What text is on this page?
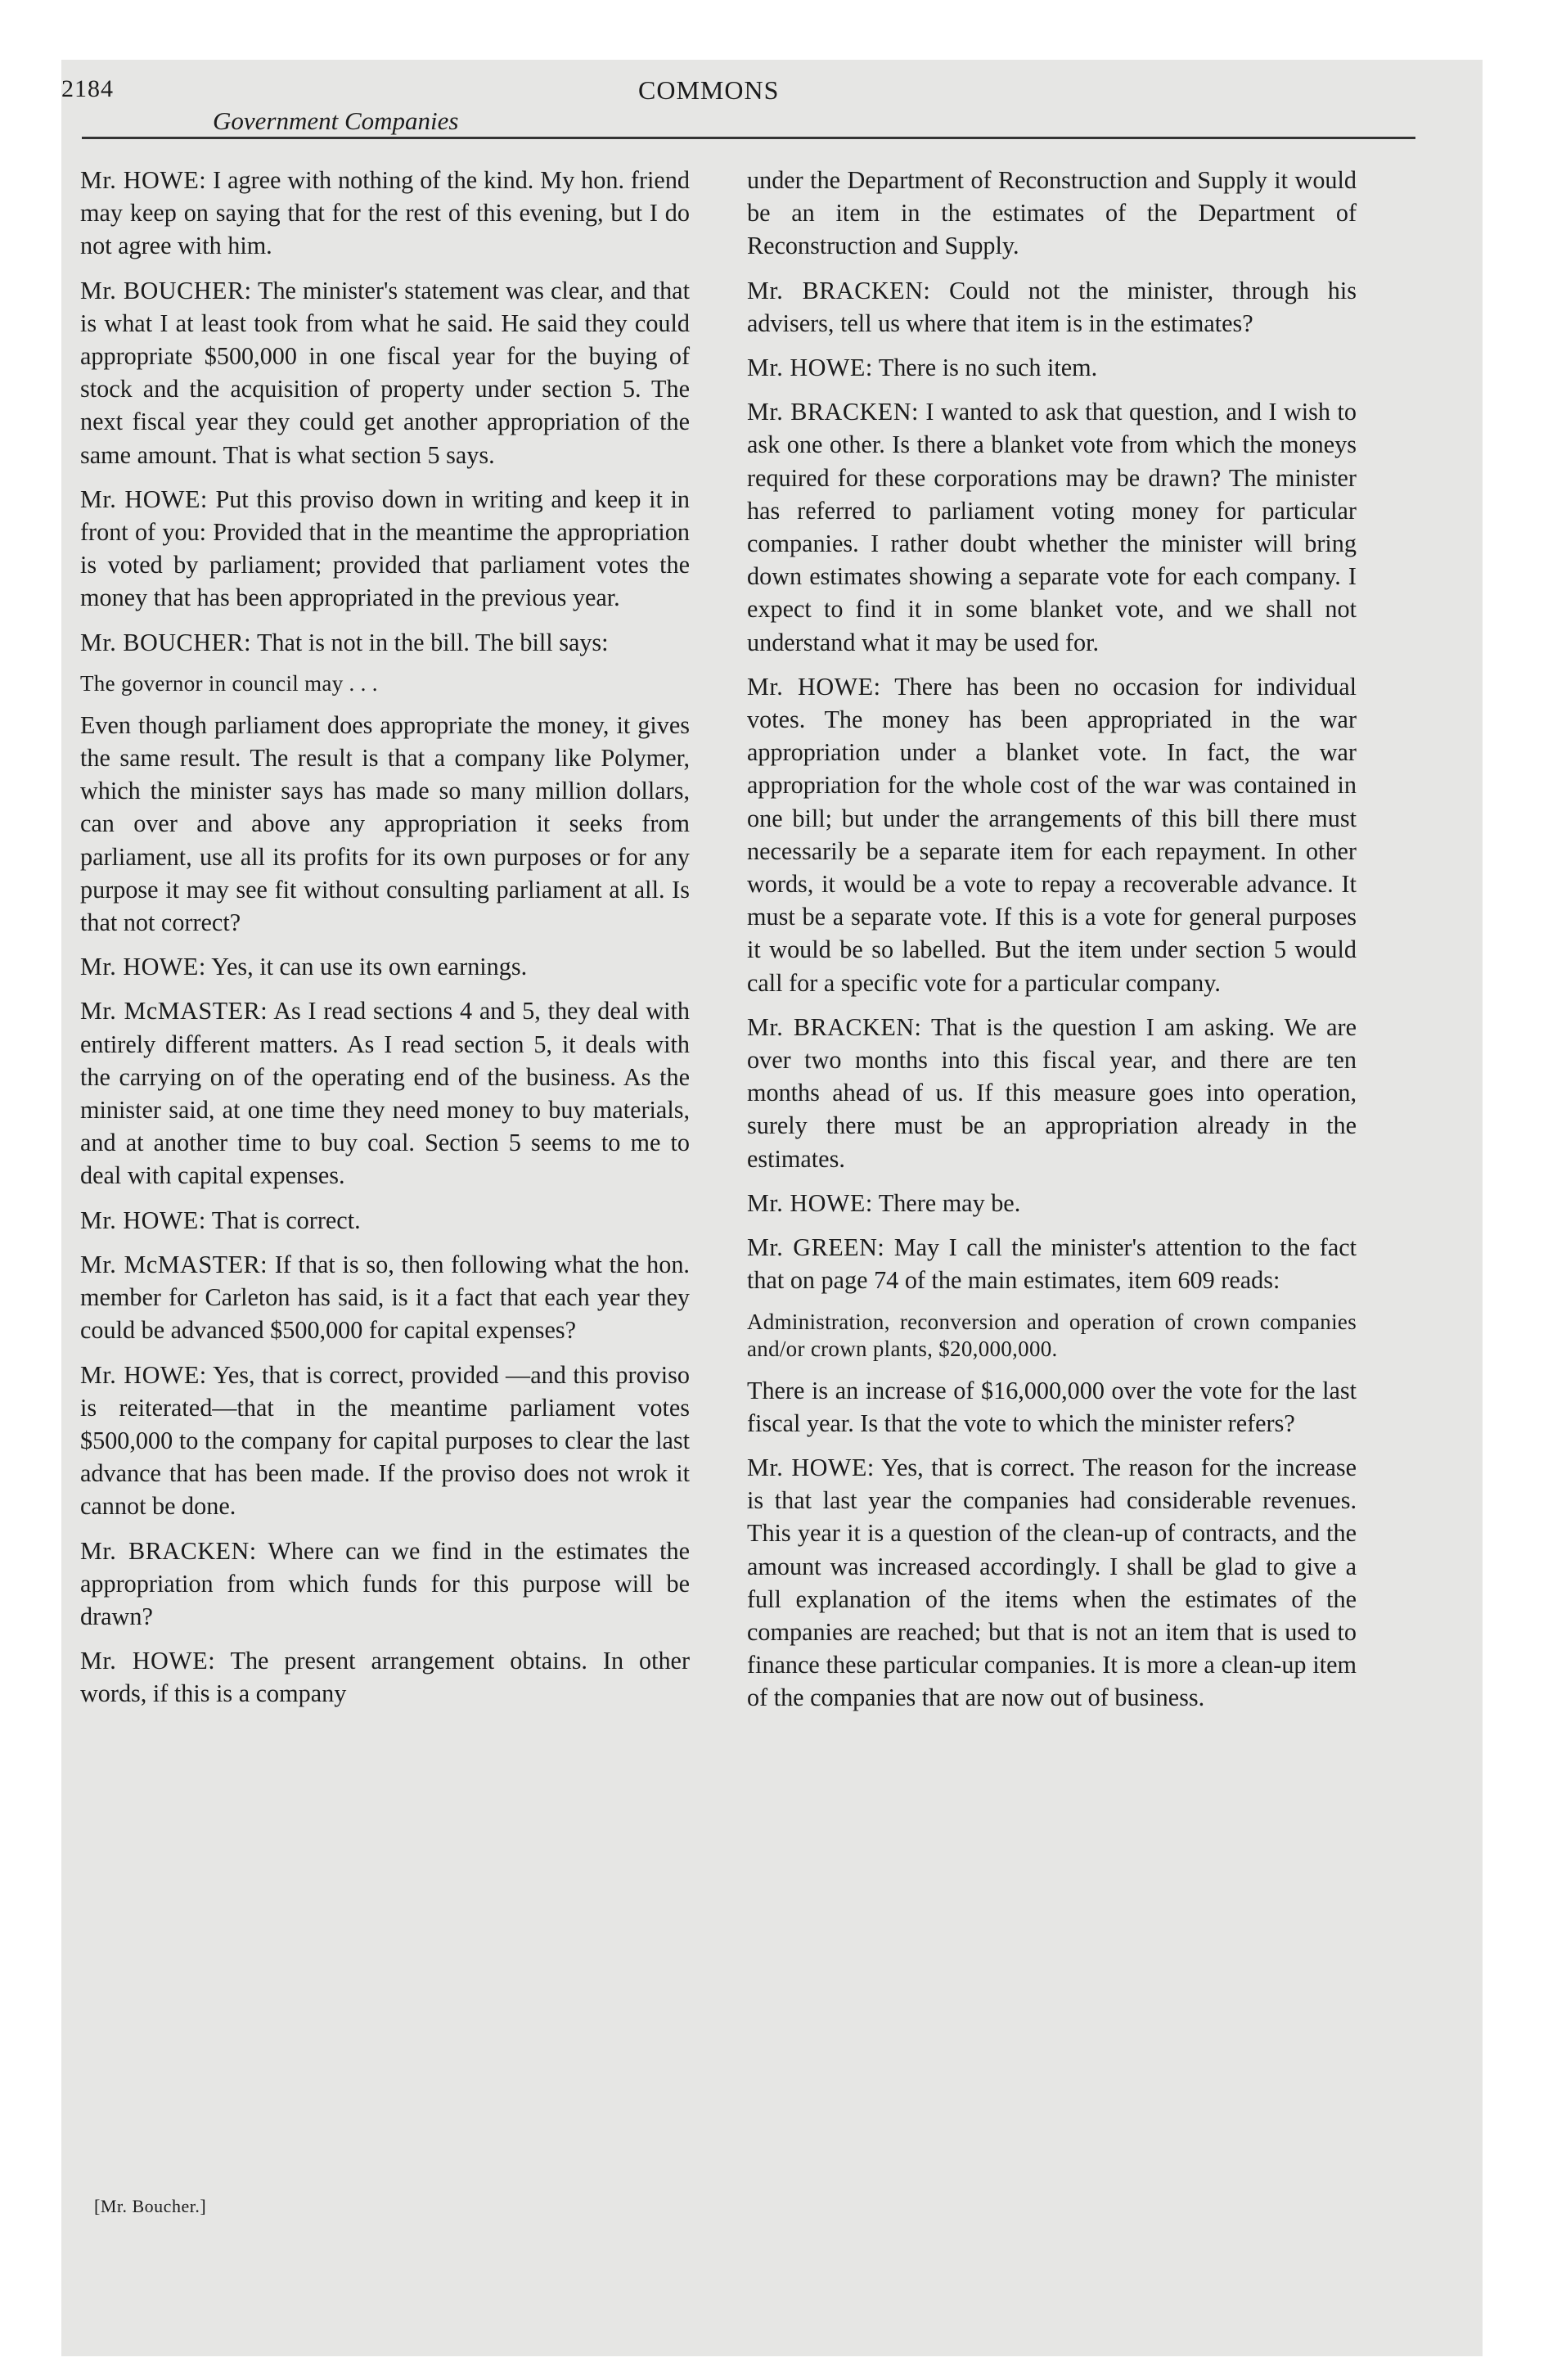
2184
Government Companies
COMMONS

Mr. HOWE: I agree with nothing of the kind. My hon. friend may keep on saying that for the rest of this evening, but I do not agree with him.

Mr. BOUCHER: The minister's statement was clear, and that is what I at least took from what he said. He said they could appropriate $500,000 in one fiscal year for the buying of stock and the acquisition of property under section 5. The next fiscal year they could get another appropriation of the same amount. That is what section 5 says.

Mr. HOWE: Put this proviso down in writing and keep it in front of you: Provided that in the meantime the appropriation is voted by parliament; provided that parliament votes the money that has been appropriated in the previous year.

Mr. BOUCHER: That is not in the bill. The bill says:

The governor in council may . . .

Even though parliament does appropriate the money, it gives the same result. The result is that a company like Polymer, which the minister says has made so many million dollars, can over and above any appropriation it seeks from parliament, use all its profits for its own purposes or for any purpose it may see fit without consulting parliament at all. Is that not correct?

Mr. HOWE: Yes, it can use its own earnings.

Mr. McMASTER: As I read sections 4 and 5, they deal with entirely different matters. As I read section 5, it deals with the carrying on of the operating end of the business. As the minister said, at one time they need money to buy materials, and at another time to buy coal. Section 5 seems to me to deal with capital expenses.

Mr. HOWE: That is correct.

Mr. McMASTER: If that is so, then following what the hon. member for Carleton has said, is it a fact that each year they could be advanced $500,000 for capital expenses?

Mr. HOWE: Yes, that is correct, provided —and this proviso is reiterated—that in the meantime parliament votes $500,000 to the company for capital purposes to clear the last advance that has been made. If the proviso does not wrok it cannot be done.

Mr. BRACKEN: Where can we find in the estimates the appropriation from which funds for this purpose will be drawn?

Mr. HOWE: The present arrangement obtains. In other words, if this is a company

under the Department of Reconstruction and Supply it would be an item in the estimates of the Department of Reconstruction and Supply.

Mr. BRACKEN: Could not the minister, through his advisers, tell us where that item is in the estimates?

Mr. HOWE: There is no such item.

Mr. BRACKEN: I wanted to ask that question, and I wish to ask one other. Is there a blanket vote from which the moneys required for these corporations may be drawn? The minister has referred to parliament voting money for particular companies. I rather doubt whether the minister will bring down estimates showing a separate vote for each company. I expect to find it in some blanket vote, and we shall not understand what it may be used for.

Mr. HOWE: There has been no occasion for individual votes. The money has been appropriated in the war appropriation under a blanket vote. In fact, the war appropriation for the whole cost of the war was contained in one bill; but under the arrangements of this bill there must necessarily be a separate item for each repayment. In other words, it would be a vote to repay a recoverable advance. It must be a separate vote. If this is a vote for general purposes it would be so labelled. But the item under section 5 would call for a specific vote for a particular company.

Mr. BRACKEN: That is the question I am asking. We are over two months into this fiscal year, and there are ten months ahead of us. If this measure goes into operation, surely there must be an appropriation already in the estimates.

Mr. HOWE: There may be.

Mr. GREEN: May I call the minister's attention to the fact that on page 74 of the main estimates, item 609 reads:

Administration, reconversion and operation of crown companies and/or crown plants, $20,000,000.

There is an increase of $16,000,000 over the vote for the last fiscal year. Is that the vote to which the minister refers?

Mr. HOWE: Yes, that is correct. The reason for the increase is that last year the companies had considerable revenues. This year it is a question of the clean-up of contracts, and the amount was increased accordingly. I shall be glad to give a full explanation of the items when the estimates of the companies are reached; but that is not an item that is used to finance these particular companies. It is more a clean-up item of the companies that are now out of business.

[Mr. Boucher.]
